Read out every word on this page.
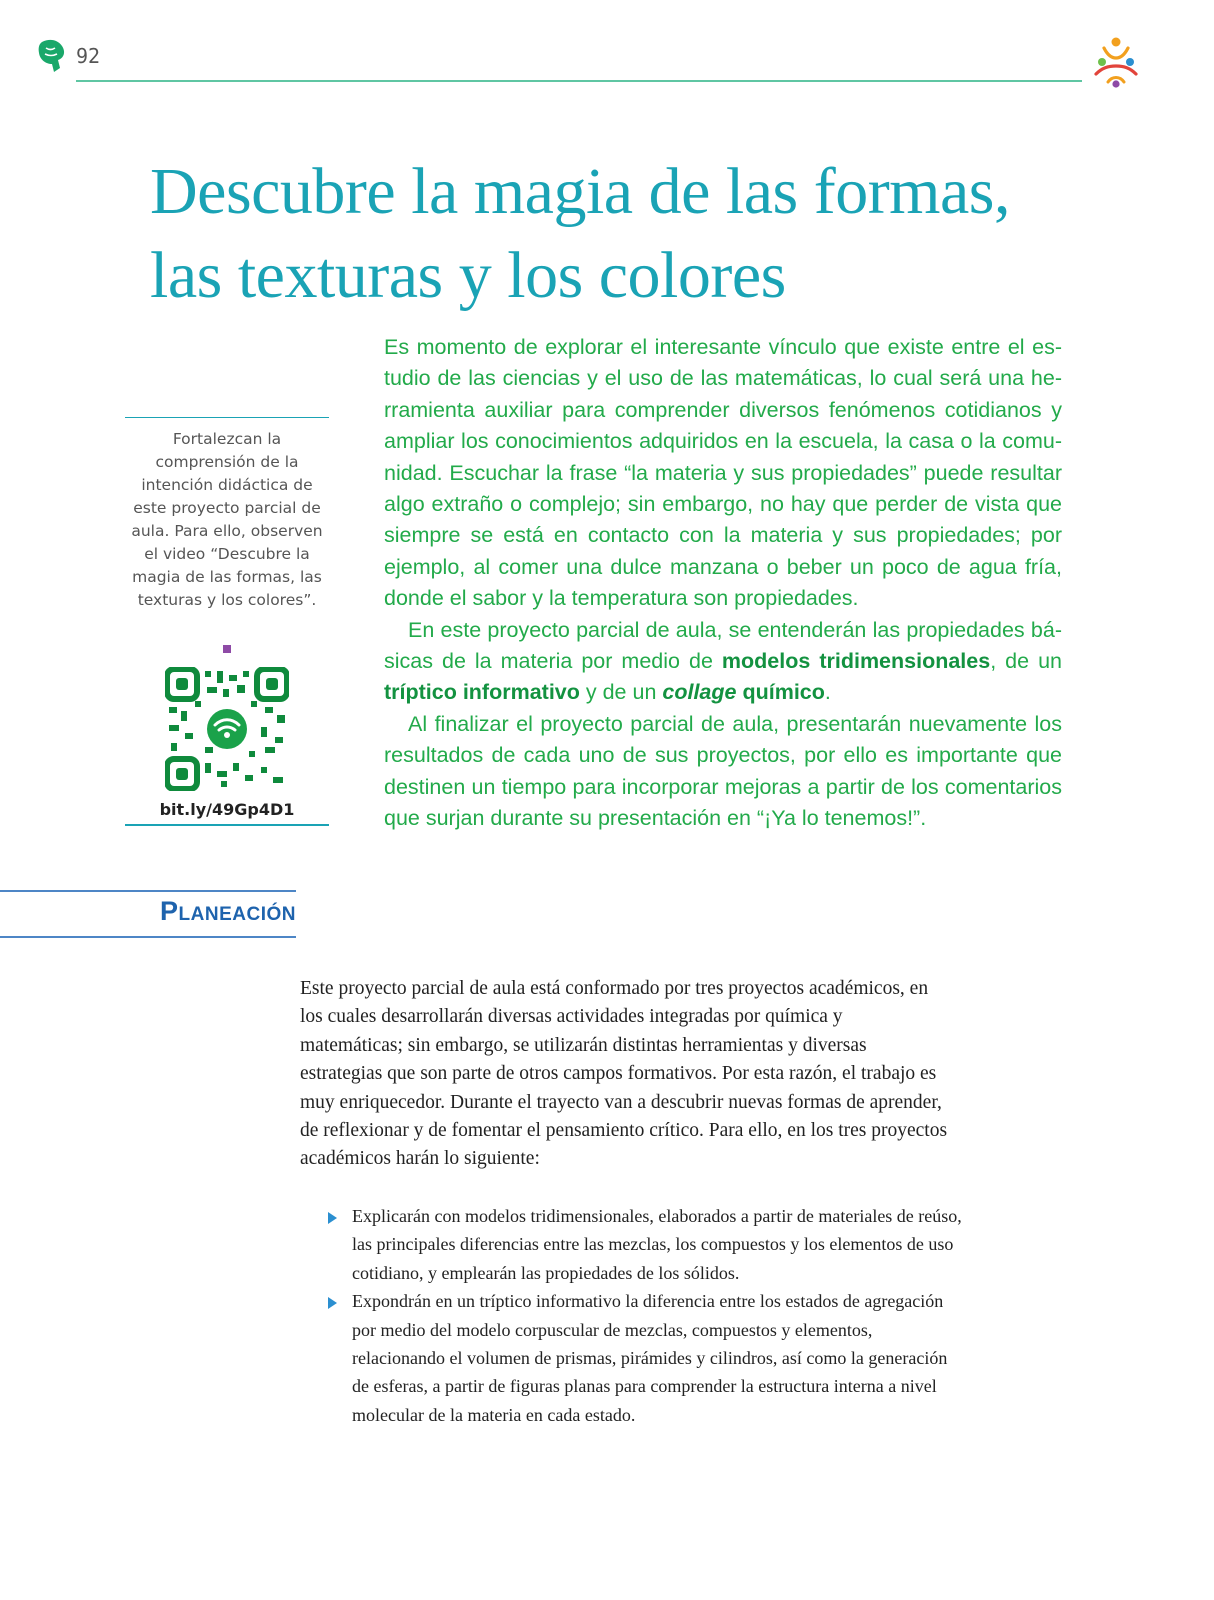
92
Descubre la magia de las formas,
las texturas y los colores
Fortalezcan la comprensión de la intención didáctica de este proyecto parcial de aula. Para ello, observen el video “Descubre la magia de las formas, las texturas y los colores”.
bit.ly/49Gp4D1

Es momento de explorar el interesante vínculo que existe entre el estudio de las ciencias y el uso de las matemáticas, lo cual será una herramienta auxiliar para comprender diversos fenómenos cotidianos y ampliar los conocimientos adquiridos en la escuela, la casa o la comunidad. Escuchar la frase “la materia y sus propiedades” puede resultar algo extraño o complejo; sin embargo, no hay que perder de vista que siempre se está en contacto con la materia y sus propiedades; por ejemplo, al comer una dulce manzana o beber un poco de agua fría, donde el sabor y la temperatura son propiedades.

En este proyecto parcial de aula, se entenderán las propiedades básicas de la materia por medio de modelos tridimensionales, de un tríptico informativo y de un collage químico.

Al finalizar el proyecto parcial de aula, presentarán nuevamente los resultados de cada uno de sus proyectos, por ello es importante que destinen un tiempo para incorporar mejoras a partir de los comentarios que surjan durante su presentación en “¡Ya lo tenemos!”.

Planeación

Este proyecto parcial de aula está conformado por tres proyectos académicos, en los cuales desarrollarán diversas actividades integradas por química y matemáticas; sin embargo, se utilizarán distintas herramientas y diversas estrategias que son parte de otros campos formativos. Por esta razón, el trabajo es muy enriquecedor. Durante el trayecto van a descubrir nuevas formas de aprender, de reflexionar y de fomentar el pensamiento crítico. Para ello, en los tres proyectos académicos harán lo siguiente:

Explicarán con modelos tridimensionales, elaborados a partir de materiales de reúso, las principales diferencias entre las mezclas, los compuestos y los elementos de uso cotidiano, y emplearán las propiedades de los sólidos.
Expondrán en un tríptico informativo la diferencia entre los estados de agregación por medio del modelo corpuscular de mezclas, compuestos y elementos, relacionando el volumen de prismas, pirámides y cilindros, así como la generación de esferas, a partir de figuras planas para comprender la estructura interna a nivel molecular de la materia en cada estado.
